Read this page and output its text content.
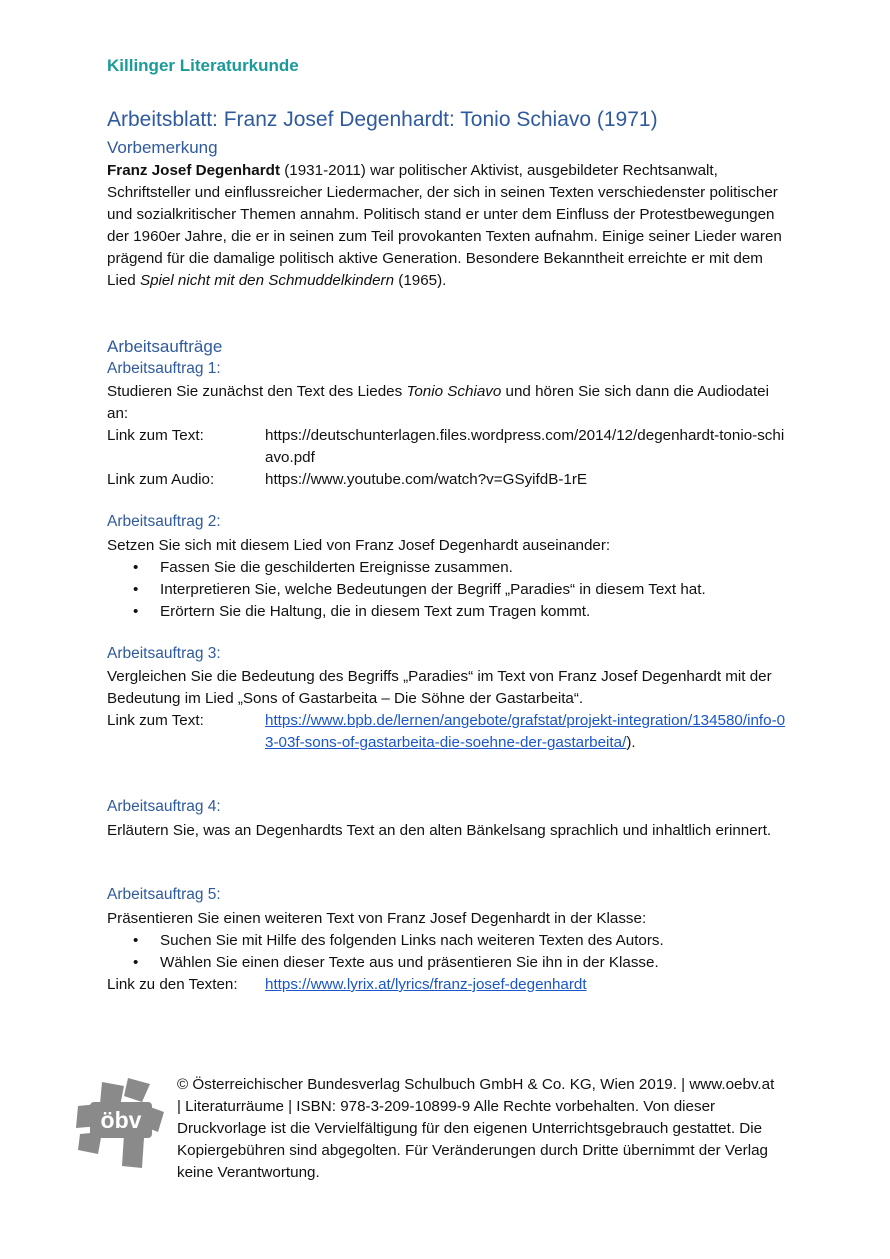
Killinger Literaturkunde
Arbeitsblatt: Franz Josef Degenhardt: Tonio Schiavo (1971)
Vorbemerkung

Franz Josef Degenhardt (1931-2011) war politischer Aktivist, ausgebildeter Rechtsanwalt, Schriftsteller und einflussreicher Liedermacher, der sich in seinen Texten verschiedenster politischer und sozialkritischer Themen annahm. Politisch stand er unter dem Einfluss der Protestbewegungen der 1960er Jahre, die er in seinen zum Teil provokanten Texten aufnahm. Einige seiner Lieder waren prägend für die damalige politisch aktive Generation. Besondere Bekanntheit erreichte er mit dem Lied Spiel nicht mit den Schmuddelkindern (1965).

Arbeitsaufträge
Arbeitsauftrag 1:

Studieren Sie zunächst den Text des Liedes Tonio Schiavo und hören Sie sich dann die Audiodatei an:

Link zum Text:	https://deutschunterlagen.files.wordpress.com/2014/12/degenhardt-tonio-schiavo.pdf
Link zum Audio:	https://www.youtube.com/watch?v=GSyifdB-1rE
Arbeitsauftrag 2:

Setzen Sie sich mit diesem Lied von Franz Josef Degenhardt auseinander:

• Fassen Sie die geschilderten Ereignisse zusammen.
• Interpretieren Sie, welche Bedeutungen der Begriff „Paradies“ in diesem Text hat.
• Erörtern Sie die Haltung, die in diesem Text zum Tragen kommt.
Arbeitsauftrag 3:

Vergleichen Sie die Bedeutung des Begriffs „Paradies“ im Text von Franz Josef Degenhardt mit der Bedeutung im Lied „Sons of Gastarbeita – Die Söhne der Gastarbeita“.

Link zum Text:	https://www.bpb.de/lernen/angebote/grafstat/projekt-integration/134580/info-03-03f-sons-of-gastarbeita-die-soehne-der-gastarbeita/).
Arbeitsauftrag 4:

Erläutern Sie, was an Degenhardts Text an den alten Bänkelsang sprachlich und inhaltlich erinnert.

Arbeitsauftrag 5:

Präsentieren Sie einen weiteren Text von Franz Josef Degenhardt in der Klasse:

• Suchen Sie mit Hilfe des folgenden Links nach weiteren Texten des Autors.
• Wählen Sie einen dieser Texte aus und präsentieren Sie ihn in der Klasse.
Link zu den Texten:	https://www.lyrix.at/lyrics/franz-josef-degenhardt
öbv
© Österreichischer Bundesverlag Schulbuch GmbH & Co. KG, Wien 2019. | www.oebv.at | Literaturräume | ISBN: 978-3-209-10899-9 Alle Rechte vorbehalten. Von dieser Druckvorlage ist die Vervielfältigung für den eigenen Unterrichtsgebrauch gestattet. Die Kopiergebühren sind abgegolten. Für Veränderungen durch Dritte übernimmt der Verlag keine Verantwortung.
